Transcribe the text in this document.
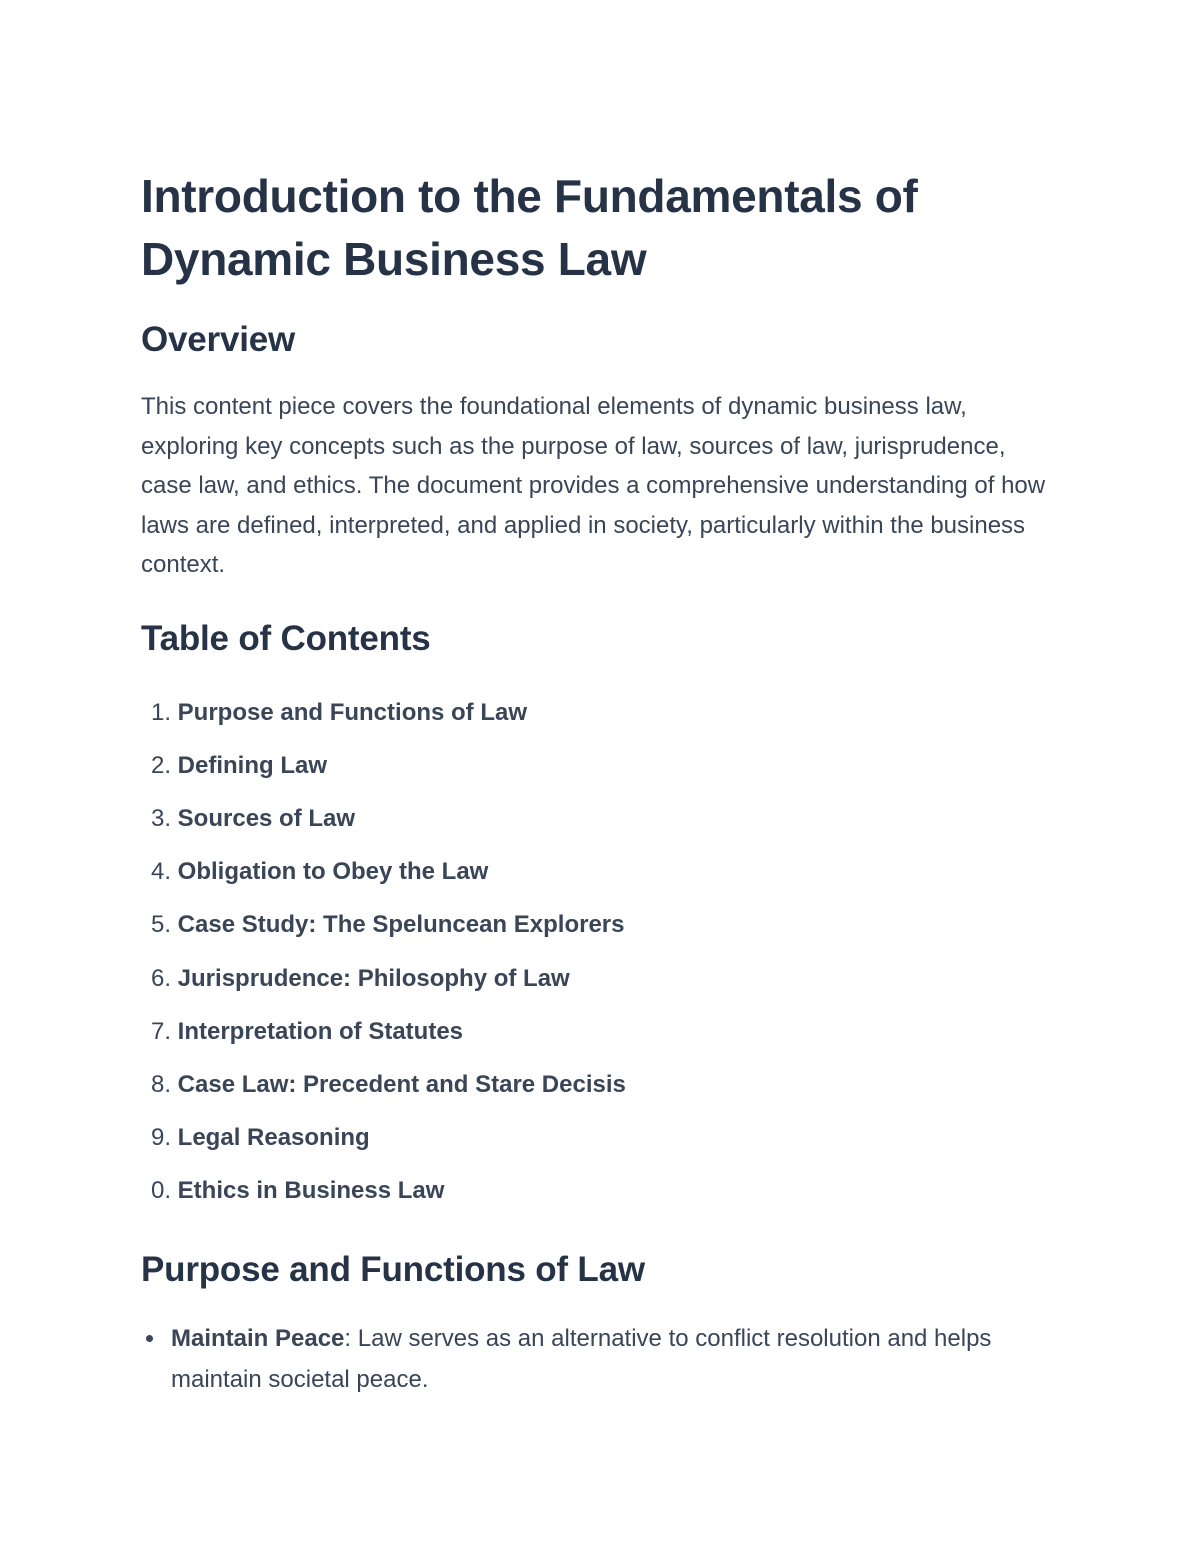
Introduction to the Fundamentals of Dynamic Business Law
Overview

This content piece covers the foundational elements of dynamic business law, exploring key concepts such as the purpose of law, sources of law, jurisprudence, case law, and ethics. The document provides a comprehensive understanding of how laws are defined, interpreted, and applied in society, particularly within the business context.

Table of Contents
1. Purpose and Functions of Law
2. Defining Law
3. Sources of Law
4. Obligation to Obey the Law
5. Case Study: The Speluncean Explorers
6. Jurisprudence: Philosophy of Law
7. Interpretation of Statutes
8. Case Law: Precedent and Stare Decisis
9. Legal Reasoning
0. Ethics in Business Law
Purpose and Functions of Law
Maintain Peace: Law serves as an alternative to conflict resolution and helps maintain societal peace.
